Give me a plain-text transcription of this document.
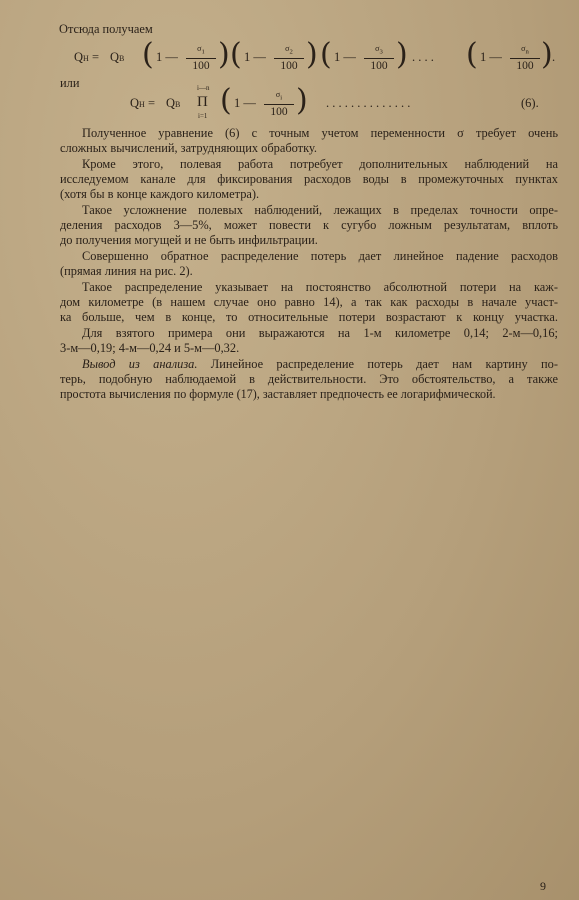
Отсюда получаем
QH = QB ( 1 —
$\sigma_1$
100 ) ( 1 —
$\sigma_2$
100 ) ( 1 —
$\sigma_3$
100 ) . . . . ( 1 —
$\sigma_n$
100 ) .
или
QH = QB
i—n
Π
i=1 ( 1 —
$\sigma_i$
100 ) . . . . . . . . . . . . . .	(6).
Полученное уравнение (6) с точным учетом переменности σ требует очень
сложных вычислений, затрудняющих обработку.
Кроме этого, полевая работа потребует дополнительных наблюдений на
исследуемом канале для фиксирования расходов воды в промежуточных пунктах
(хотя бы в конце каждого километра).
Такое усложнение полевых наблюдений, лежащих в пределах точности опре-
деления расходов 3—5%, может повести к сугубо ложным результатам, вплоть
до получения могущей и не быть инфильтрации.
Совершенно обратное распределение потерь дает линейное падение расходов
(прямая линия на рис. 2).
Такое распределение указывает на постоянство абсолютной потери на каж-
дом километре (в нашем случае оно равно 14), а так как расходы в начале участ-
ка больше, чем в конце, то относительные потери возрастают к концу участка.
Для взятого примера они выражаются на 1-м километре 0,14; 2-м—0,16;
3-м—0,19; 4-м—0,24 и 5-м—0,32.
Вывод из анализа. Линейное распределение потерь дает нам картину по-
терь, подобную наблюдаемой в действительности. Это обстоятельство, а также
простота вычисления по формуле (17), заставляет предпочесть ее логарифмической.
9
